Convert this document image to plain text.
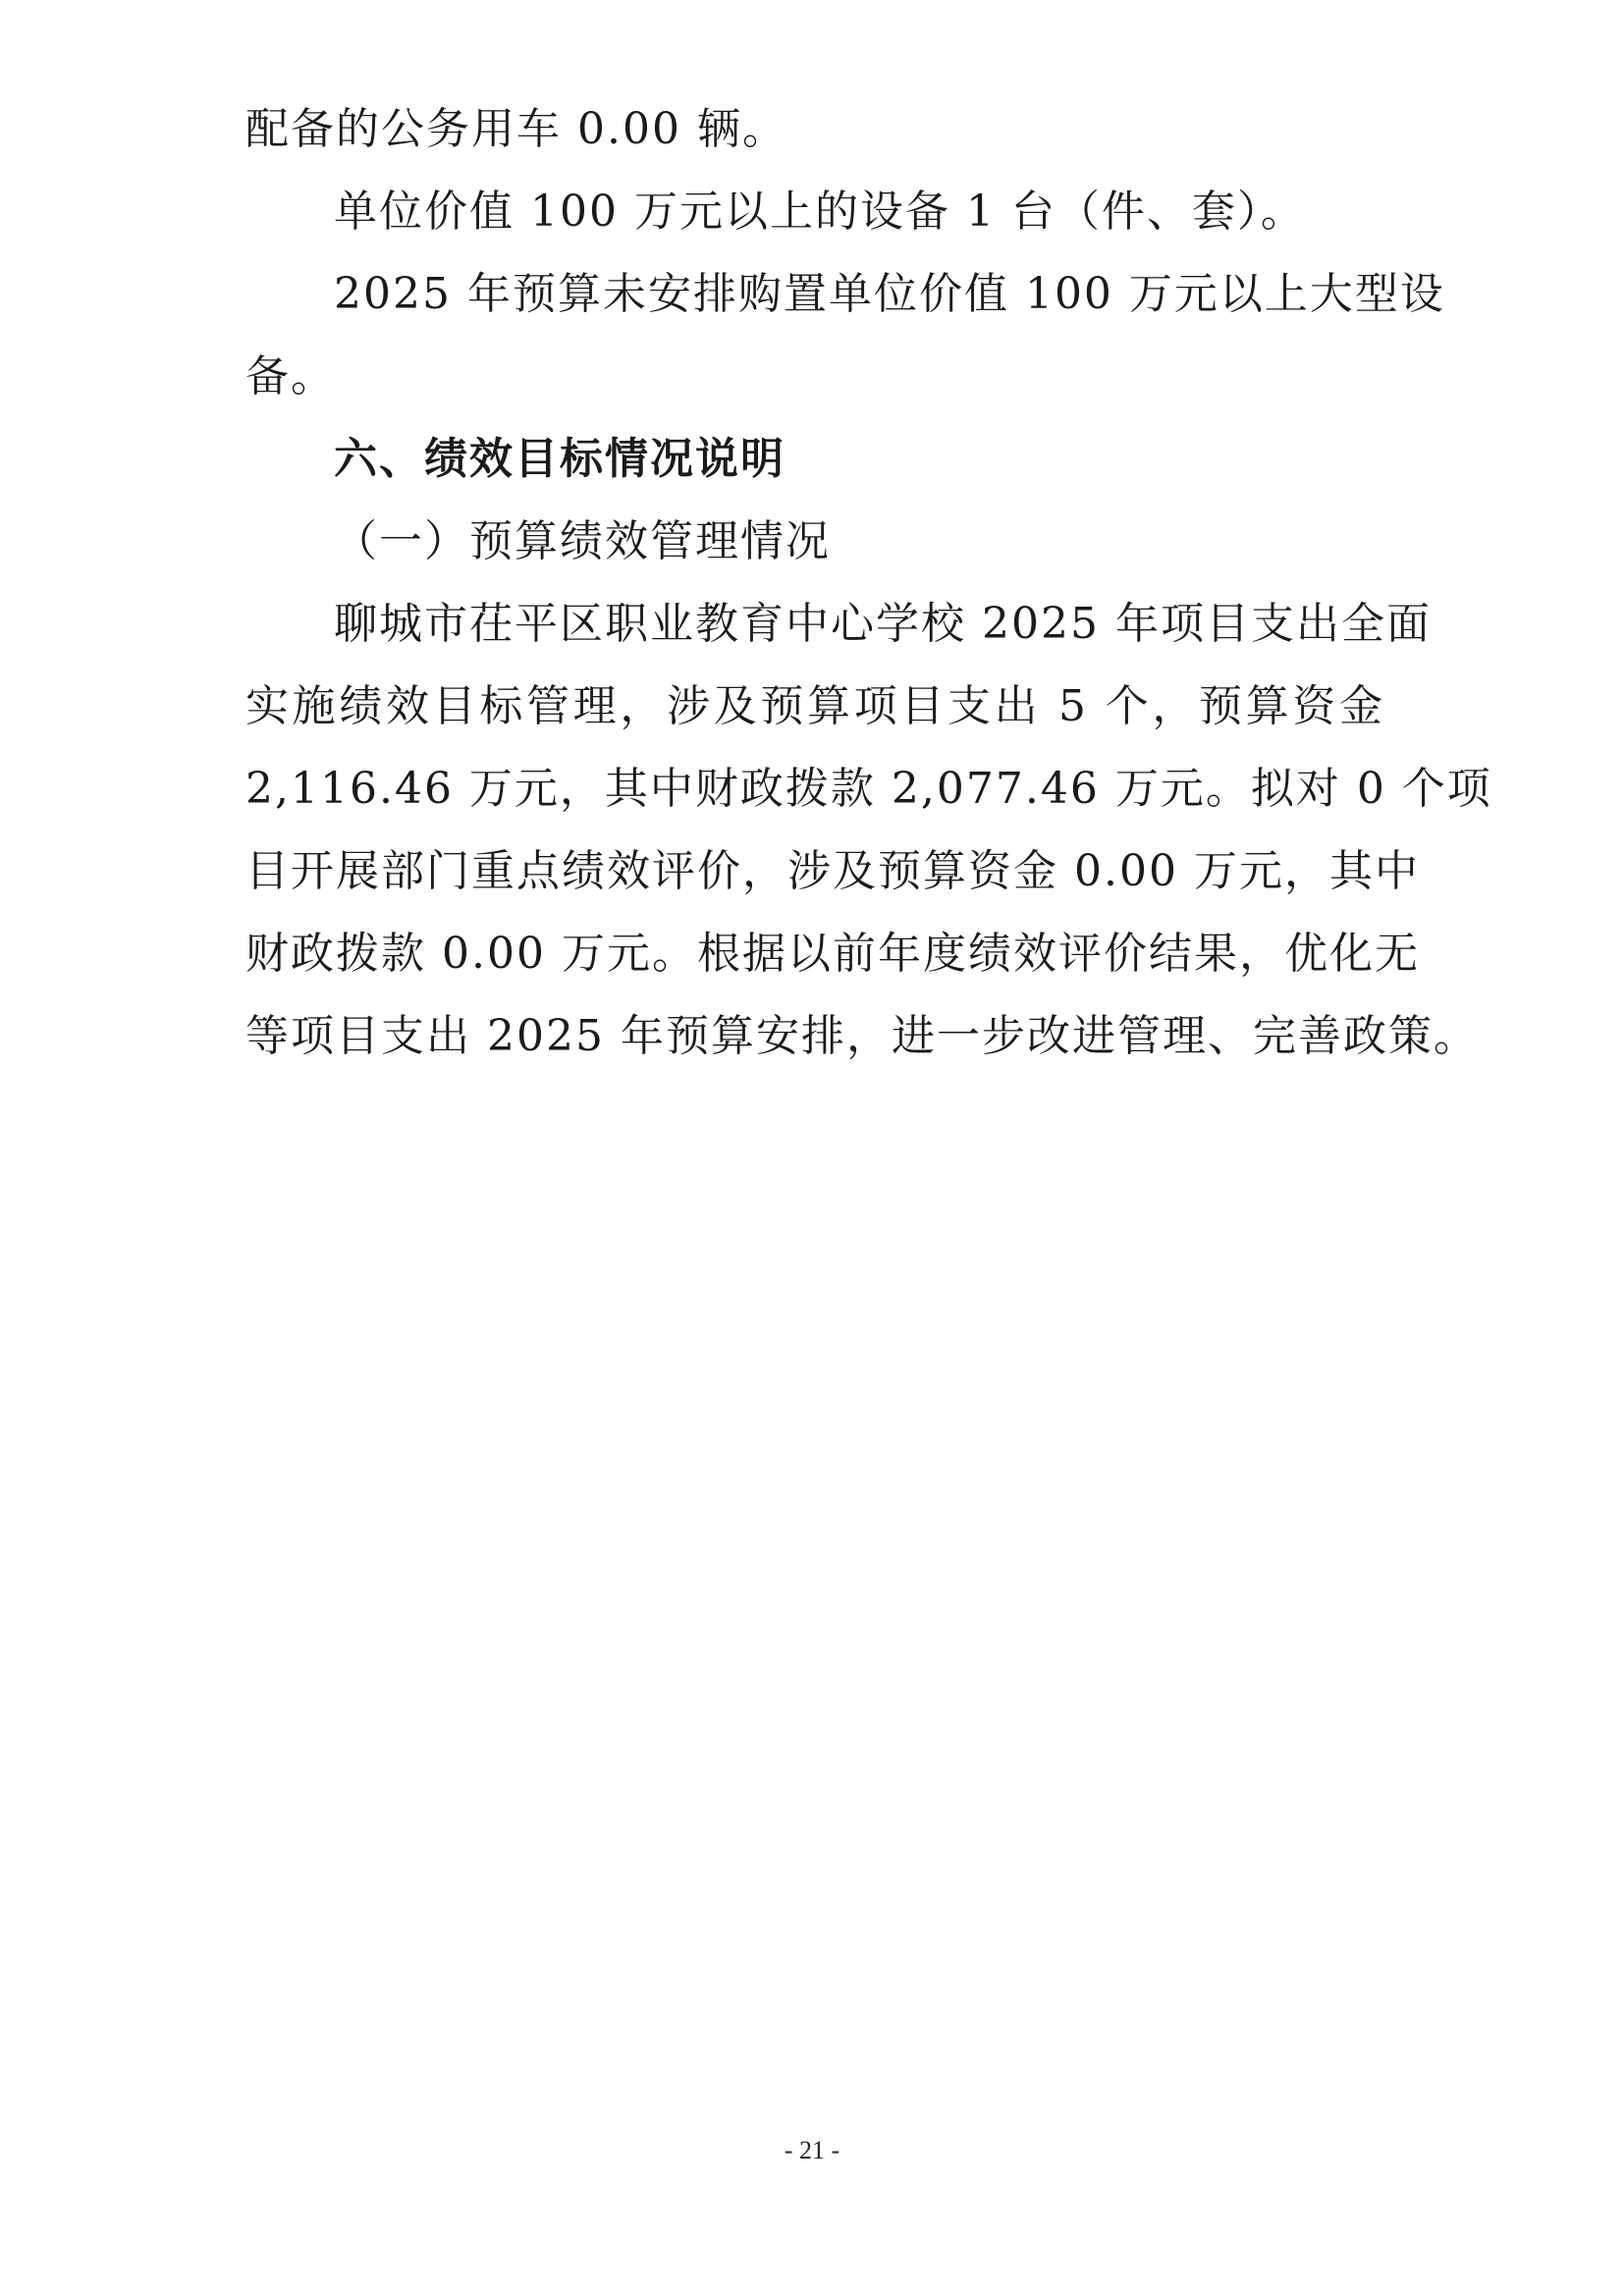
配备的公务用车 0.00 辆。
单位价值 100 万元以上的设备 1 台（件、套）。
2025 年预算未安排购置单位价值 100 万元以上大型设
备。
六、绩效目标情况说明
（一）预算绩效管理情况
聊城市茌平区职业教育中心学校 2025 年项目支出全面
实施绩效目标管理，涉及预算项目支出 5 个，预算资金
2,116.46 万元，其中财政拨款 2,077.46 万元。拟对 0 个项
目开展部门重点绩效评价，涉及预算资金 0.00 万元，其中
财政拨款 0.00 万元。根据以前年度绩效评价结果，优化无
等项目支出 2025 年预算安排，进一步改进管理、完善政策。
- 21 -
